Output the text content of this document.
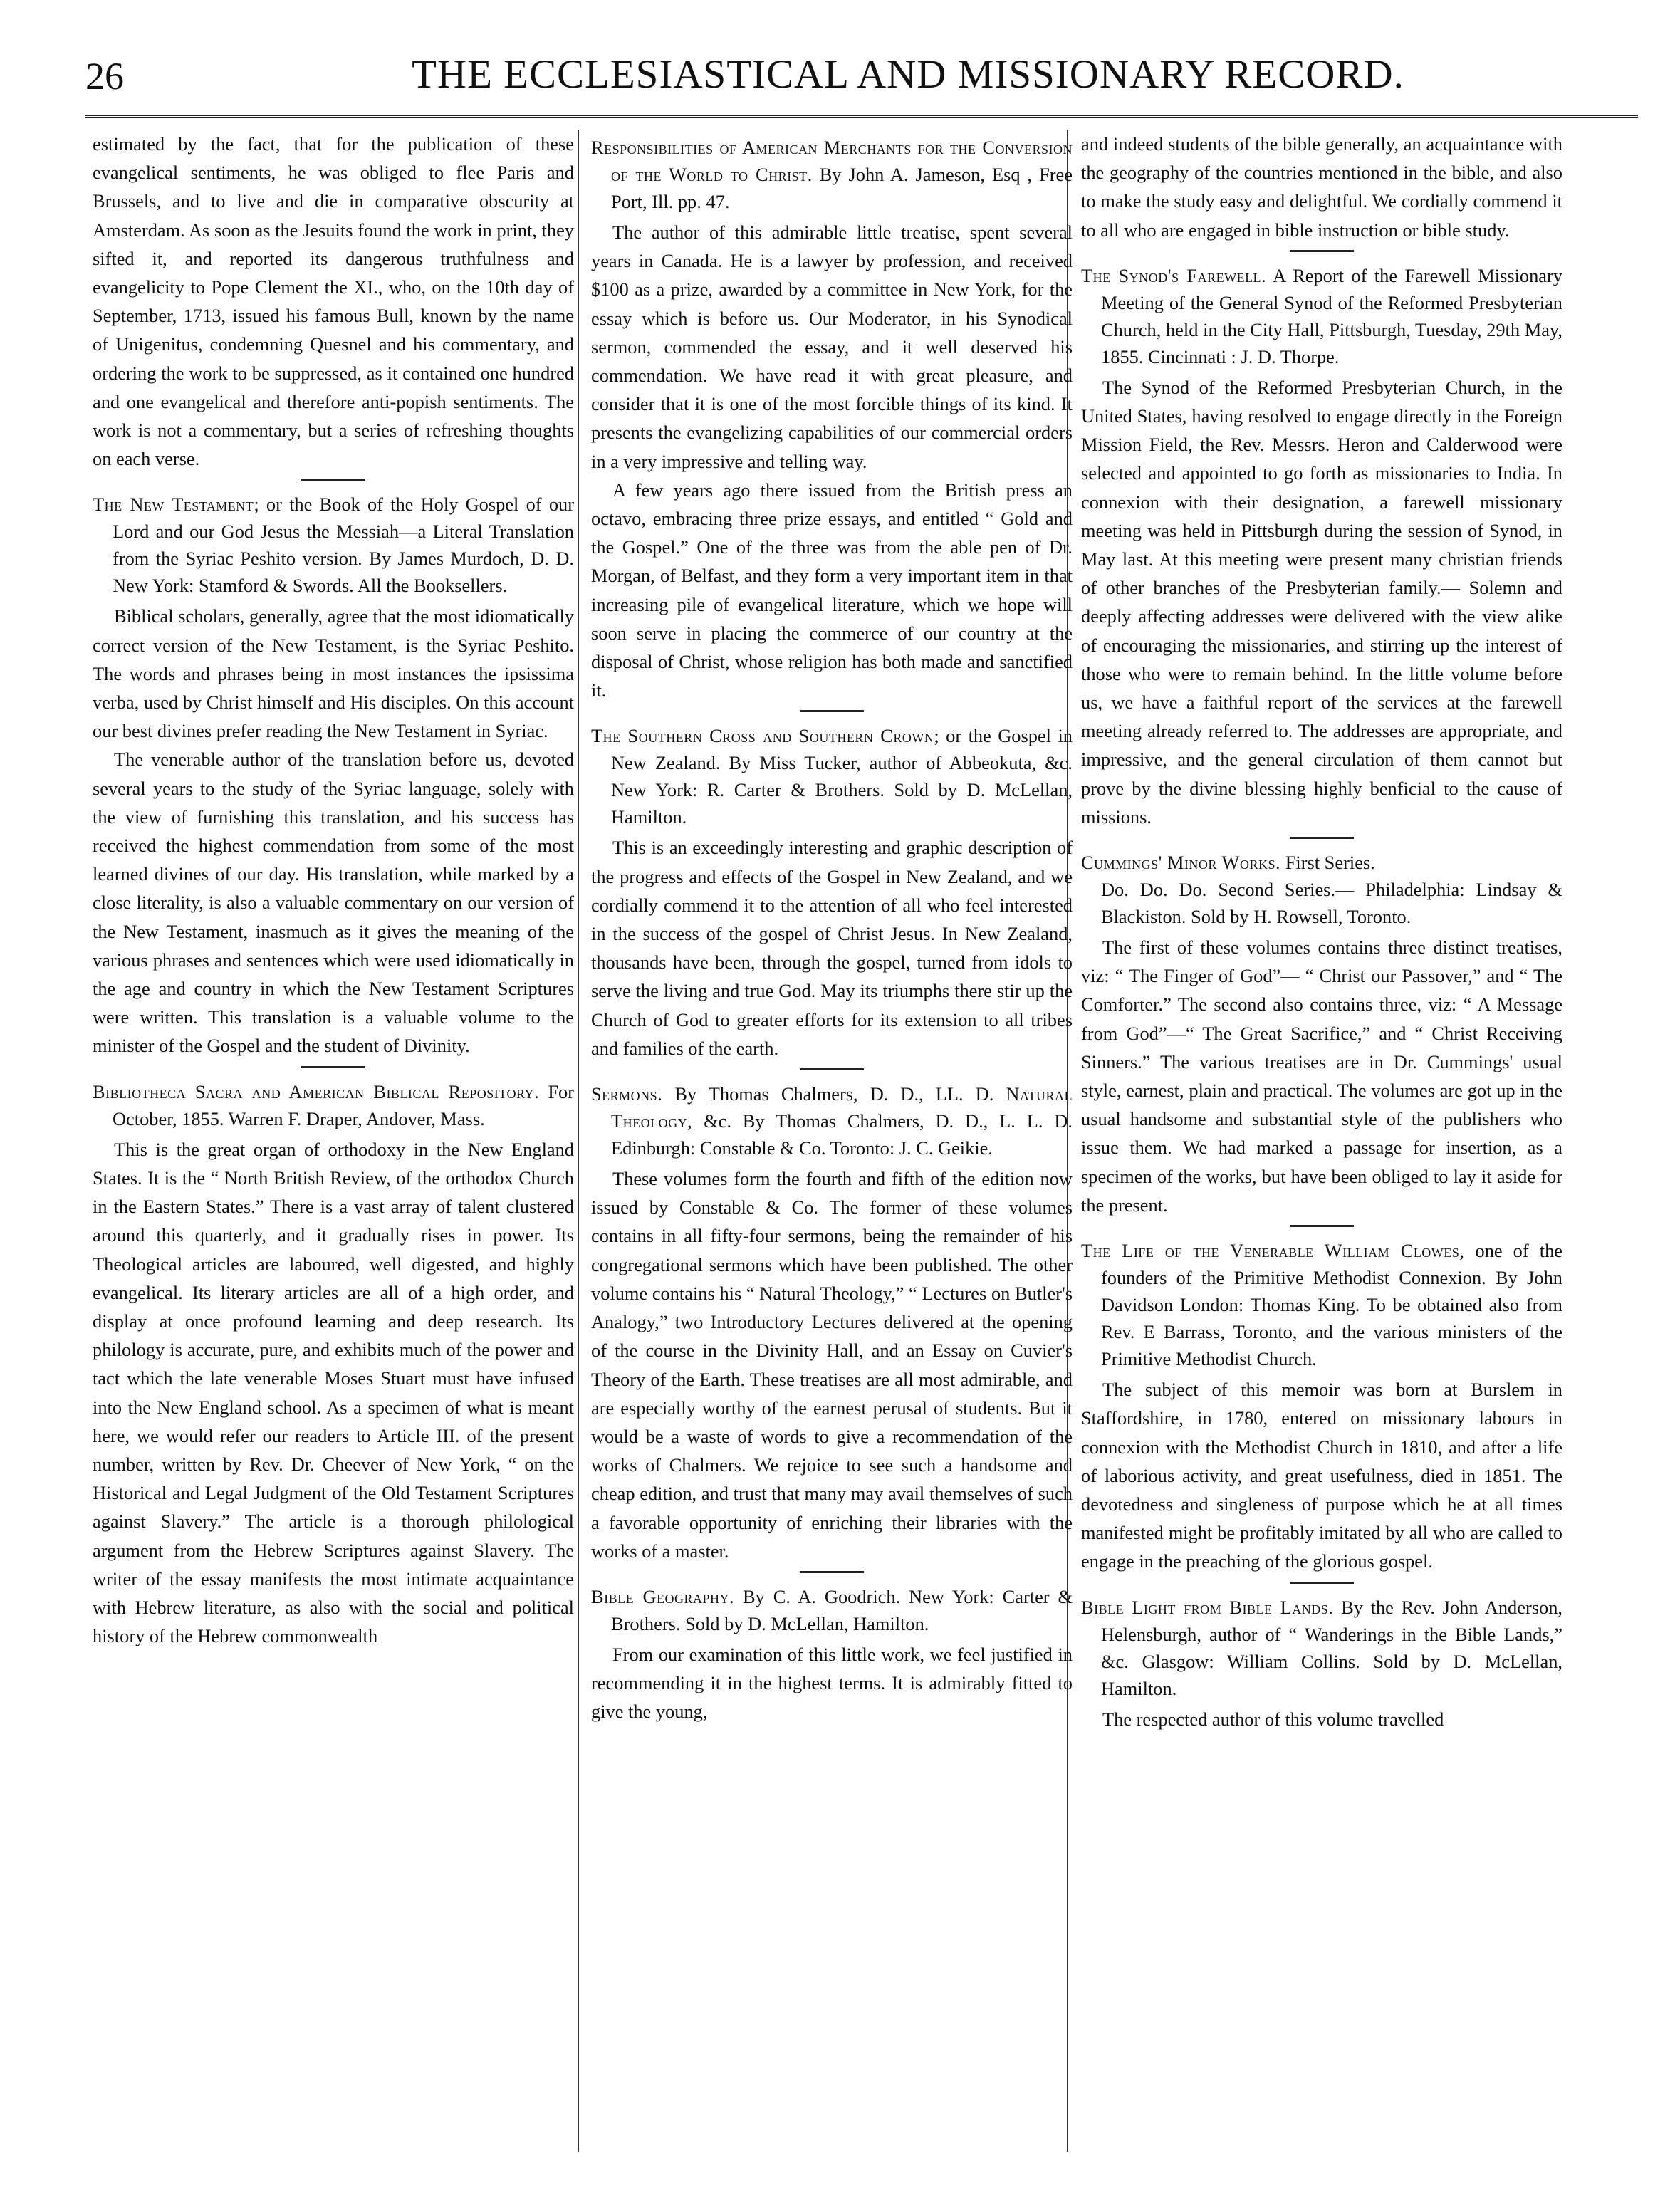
26	THE ECCLESIASTICAL AND MISSIONARY RECORD.

estimated by the fact, that for the publication of these evangelical sentiments, he was obliged to flee Paris and Brussels, and to live and die in comparative obscurity at Amsterdam. As soon as the Jesuits found the work in print, they sifted it, and reported its dangerous truthfulness and evangelicity to Pope Clement the XI., who, on the 10th day of September, 1713, issued his famous Bull, known by the name of Unigenitus, condemning Quesnel and his commentary, and ordering the work to be suppressed, as it contained one hundred and one evangelical and therefore anti-popish sentiments. The work is not a commentary, but a series of refreshing thoughts on each verse.

The New Testament; or the Book of the Holy Gospel of our Lord and our God Jesus the Messiah—a Literal Translation from the Syriac Peshito version. By James Murdoch, D. D. New York: Stamford & Swords. All the Booksellers.

Biblical scholars, generally, agree that the most idiomatically correct version of the New Testament, is the Syriac Peshito. The words and phrases being in most instances the ipsissima verba, used by Christ himself and His disciples. On this account our best divines prefer reading the New Testament in Syriac.

The venerable author of the translation before us, devoted several years to the study of the Syriac language, solely with the view of furnishing this translation, and his success has received the highest commendation from some of the most learned divines of our day. His translation, while marked by a close literality, is also a valuable commentary on our version of the New Testament, inasmuch as it gives the meaning of the various phrases and sentences which were used idiomatically in the age and country in which the New Testament Scriptures were written. This translation is a valuable volume to the minister of the Gospel and the student of Divinity.

Bibliotheca Sacra and American Biblical Repository. For October, 1855. Warren F. Draper, Andover, Mass.

This is the great organ of orthodoxy in the New England States. It is the “ North British Review, of the orthodox Church in the Eastern States.” There is a vast array of talent clustered around this quarterly, and it gradually rises in power. Its Theological articles are laboured, well digested, and highly evangelical. Its literary articles are all of a high order, and display at once profound learning and deep research. Its philology is accurate, pure, and exhibits much of the power and tact which the late venerable Moses Stuart must have infused into the New England school. As a specimen of what is meant here, we would refer our readers to Article III. of the present number, written by Rev. Dr. Cheever of New York, “ on the Historical and Legal Judgment of the Old Testament Scriptures against Slavery.” The article is a thorough philological argument from the Hebrew Scriptures against Slavery. The writer of the essay manifests the most intimate acquaintance with Hebrew literature, as also with the social and political history of the Hebrew commonwealth

Responsibilities of American Merchants for the Conversion of the World to Christ. By John A. Jameson, Esq , Free Port, Ill. pp. 47.

The author of this admirable little treatise, spent several years in Canada. He is a lawyer by profession, and received $100 as a prize, awarded by a committee in New York, for the essay which is before us. Our Moderator, in his Synodical sermon, commended the essay, and it well deserved his commendation. We have read it with great pleasure, and consider that it is one of the most forcible things of its kind. It presents the evangelizing capabilities of our commercial orders in a very impressive and telling way.

A few years ago there issued from the British press an octavo, embracing three prize essays, and entitled “ Gold and the Gospel.” One of the three was from the able pen of Dr. Morgan, of Belfast, and they form a very important item in that increasing pile of evangelical literature, which we hope will soon serve in placing the commerce of our country at the disposal of Christ, whose religion has both made and sanctified it.

The Southern Cross and Southern Crown; or the Gospel in New Zealand. By Miss Tucker, author of Abbeokuta, &c. New York: R. Carter & Brothers. Sold by D. McLellan, Hamilton.

This is an exceedingly interesting and graphic description of the progress and effects of the Gospel in New Zealand, and we cordially commend it to the attention of all who feel interested in the success of the gospel of Christ Jesus. In New Zealand, thousands have been, through the gospel, turned from idols to serve the living and true God. May its triumphs there stir up the Church of God to greater efforts for its extension to all tribes and families of the earth.

Sermons. By Thomas Chalmers, D. D., LL. D. Natural Theology, &c. By Thomas Chalmers, D. D., L. L. D. Edinburgh: Constable & Co. Toronto: J. C. Geikie.

These volumes form the fourth and fifth of the edition now issued by Constable & Co. The former of these volumes contains in all fifty-four sermons, being the remainder of his congregational sermons which have been published. The other volume contains his “ Natural Theology,” “ Lectures on Butler's Analogy,” two Introductory Lectures delivered at the opening of the course in the Divinity Hall, and an Essay on Cuvier's Theory of the Earth. These treatises are all most admirable, and are especially worthy of the earnest perusal of students. But it would be a waste of words to give a recommendation of the works of Chalmers. We rejoice to see such a handsome and cheap edition, and trust that many may avail themselves of such a favorable opportunity of enriching their libraries with the works of a master.

Bible Geography. By C. A. Goodrich. New York: Carter & Brothers. Sold by D. McLellan, Hamilton.

From our examination of this little work, we feel justified in recommending it in the highest terms. It is admirably fitted to give the young,

and indeed students of the bible generally, an acquaintance with the geography of the countries mentioned in the bible, and also to make the study easy and delightful. We cordially commend it to all who are engaged in bible instruction or bible study.

The Synod's Farewell. A Report of the Farewell Missionary Meeting of the General Synod of the Reformed Presbyterian Church, held in the City Hall, Pittsburgh, Tuesday, 29th May, 1855. Cincinnati : J. D. Thorpe.

The Synod of the Reformed Presbyterian Church, in the United States, having resolved to engage directly in the Foreign Mission Field, the Rev. Messrs. Heron and Calderwood were selected and appointed to go forth as missionaries to India. In connexion with their designation, a farewell missionary meeting was held in Pittsburgh during the session of Synod, in May last. At this meeting were present many christian friends of other branches of the Presbyterian family.— Solemn and deeply affecting addresses were delivered with the view alike of encouraging the missionaries, and stirring up the interest of those who were to remain behind. In the little volume before us, we have a faithful report of the services at the farewell meeting already referred to. The addresses are appropriate, and impressive, and the general circulation of them cannot but prove by the divine blessing highly benficial to the cause of missions.

Cummings' Minor Works. First Series.
Do. Do. Do. Second Series.— Philadelphia: Lindsay & Blackiston. Sold by H. Rowsell, Toronto.

The first of these volumes contains three distinct treatises, viz: “ The Finger of God”— “ Christ our Passover,” and “ The Comforter.” The second also contains three, viz: “ A Message from God”—“ The Great Sacrifice,” and “ Christ Receiving Sinners.” The various treatises are in Dr. Cummings' usual style, earnest, plain and practical. The volumes are got up in the usual handsome and substantial style of the publishers who issue them. We had marked a passage for insertion, as a specimen of the works, but have been obliged to lay it aside for the present.

The Life of the Venerable William Clowes, one of the founders of the Primitive Methodist Connexion. By John Davidson London: Thomas King. To be obtained also from Rev. E Barrass, Toronto, and the various ministers of the Primitive Methodist Church.

The subject of this memoir was born at Burslem in Staffordshire, in 1780, entered on missionary labours in connexion with the Methodist Church in 1810, and after a life of laborious activity, and great usefulness, died in 1851. The devotedness and singleness of purpose which he at all times manifested might be profitably imitated by all who are called to engage in the preaching of the glorious gospel.

Bible Light from Bible Lands. By the Rev. John Anderson, Helensburgh, author of “ Wanderings in the Bible Lands,” &c. Glasgow: William Collins. Sold by D. McLellan, Hamilton.

The respected author of this volume travelled
